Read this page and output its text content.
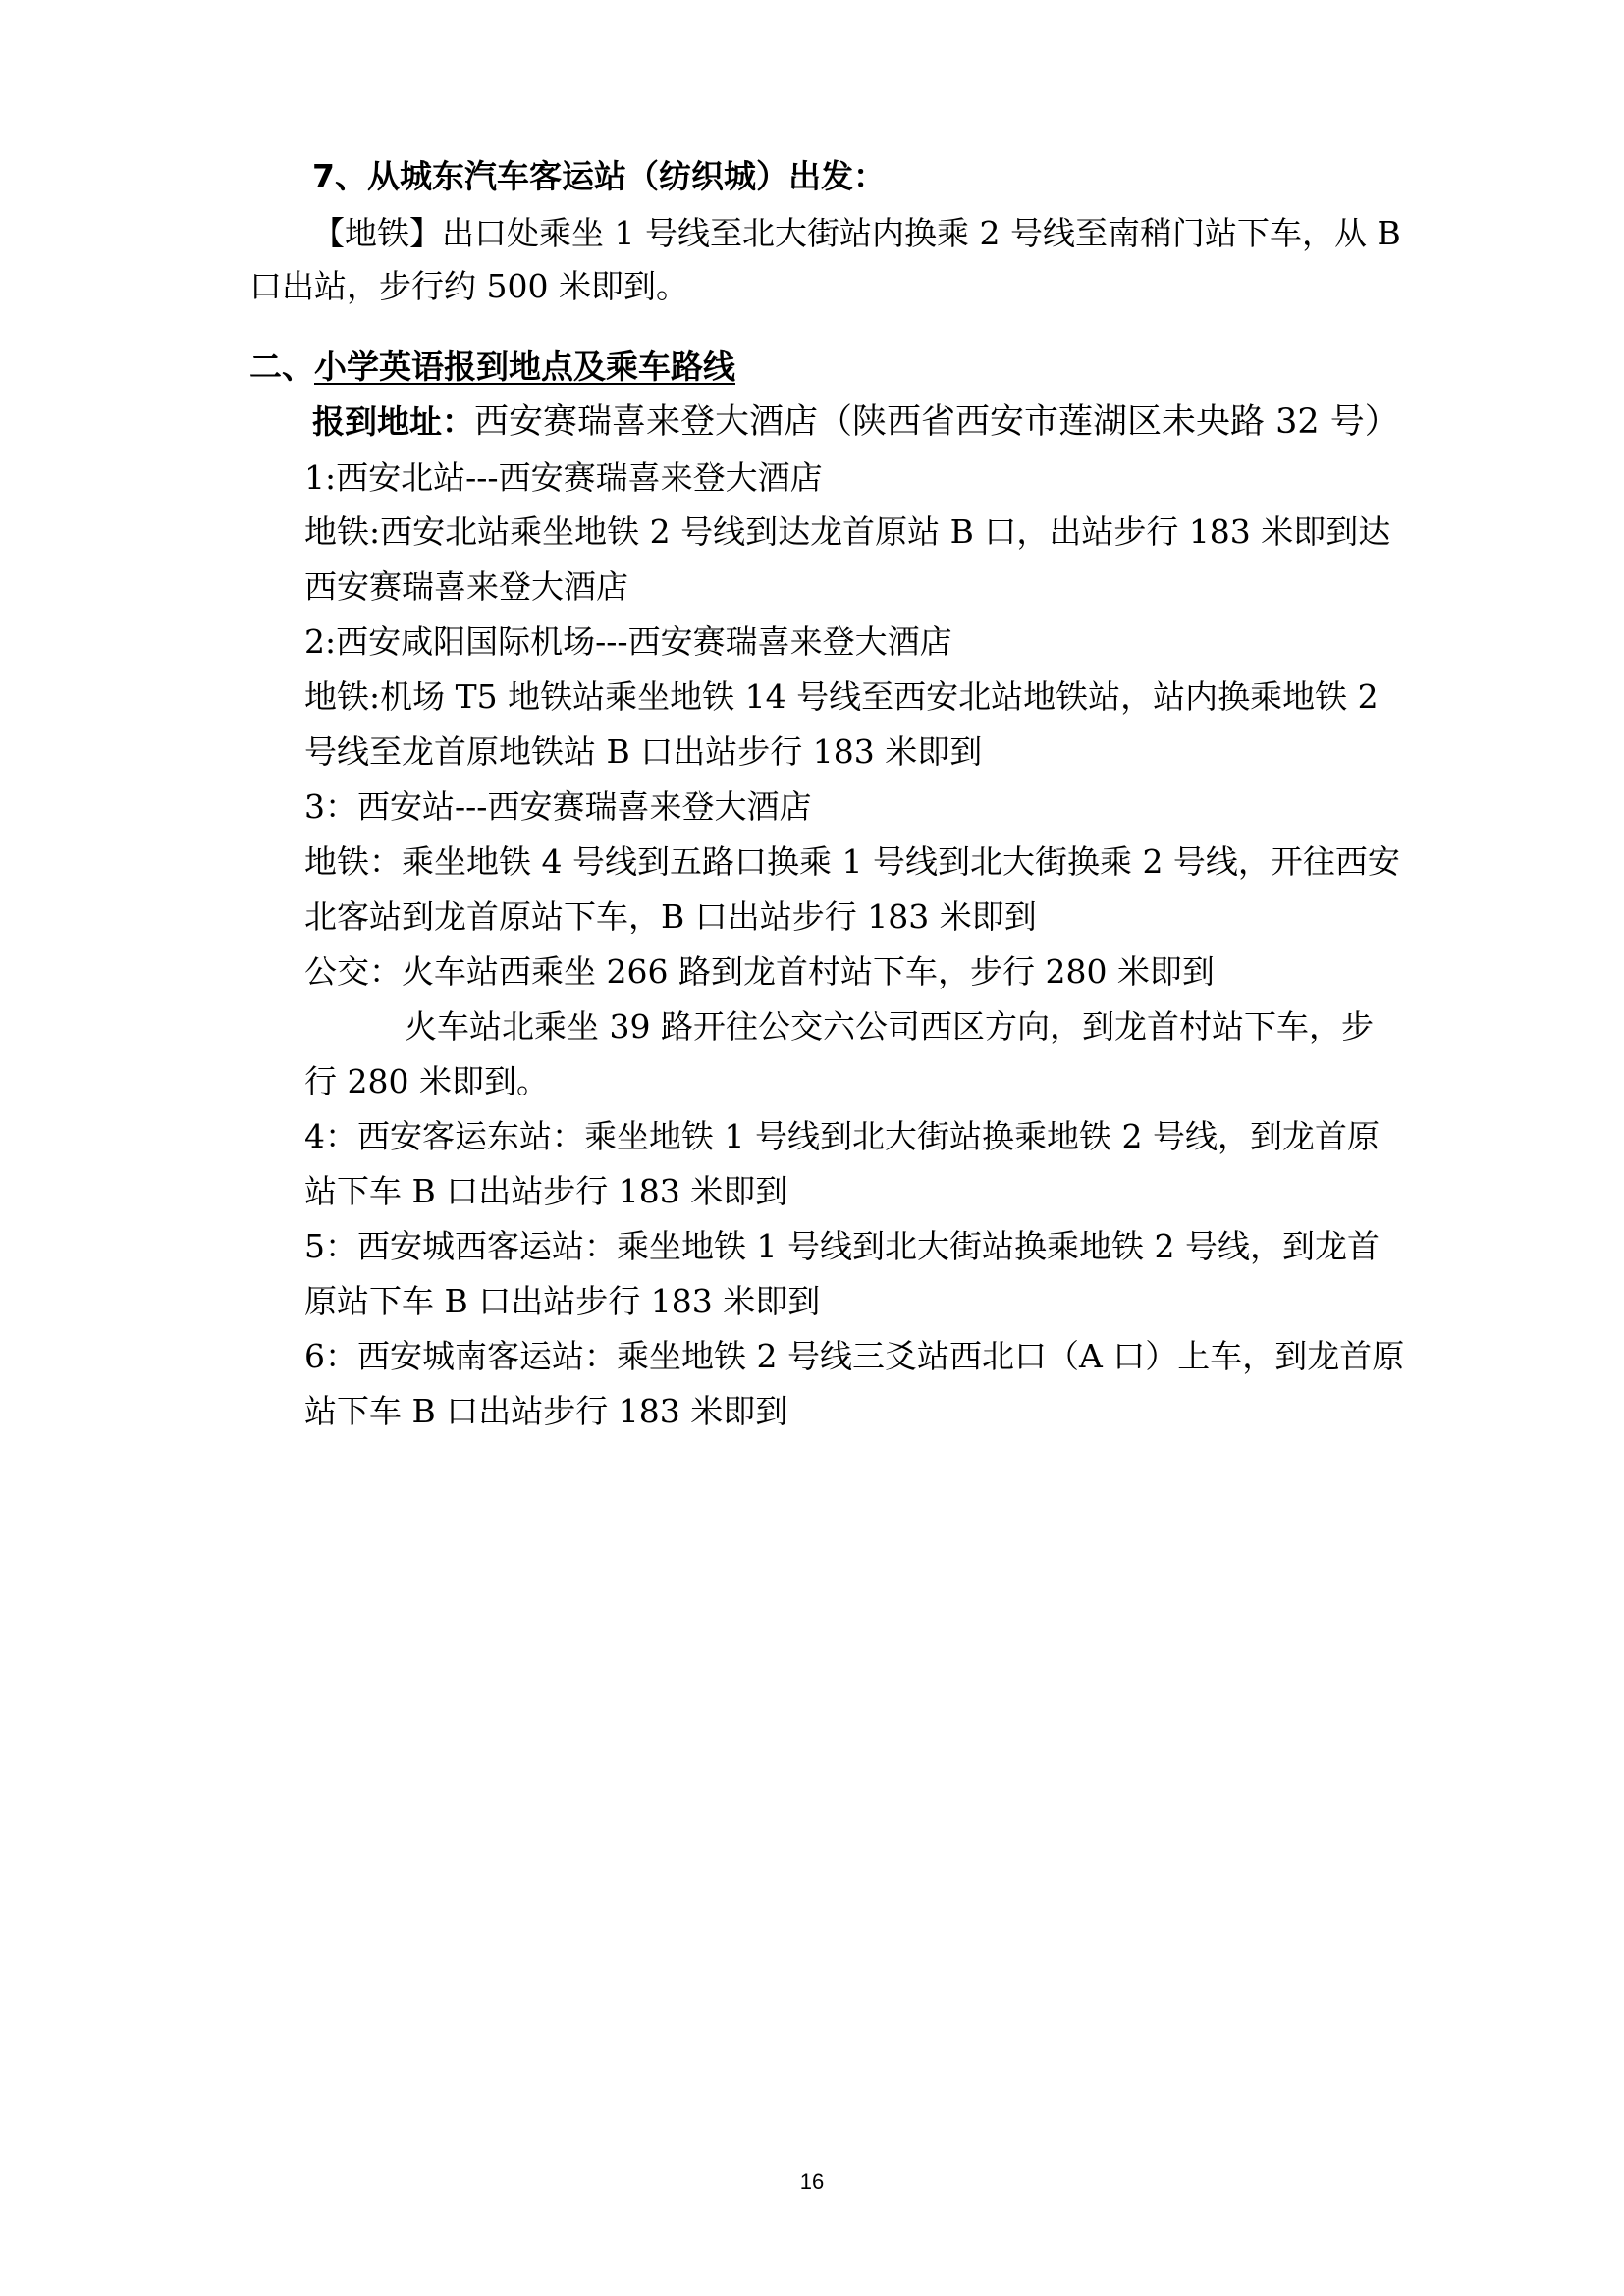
7、从城东汽车客运站（纺织城）出发：
【地铁】出口处乘坐 1 号线至北大街站内换乘 2 号线至南稍门站下车，从 B
口出站，步行约 500 米即到。
二、小学英语报到地点及乘车路线
报到地址：西安赛瑞喜来登大酒店（陕西省西安市莲湖区未央路 32 号）
1:西安北站---西安赛瑞喜来登大酒店
地铁:西安北站乘坐地铁 2 号线到达龙首原站 B 口，出站步行 183 米即到达
西安赛瑞喜来登大酒店
2:西安咸阳国际机场---西安赛瑞喜来登大酒店
地铁:机场 T5 地铁站乘坐地铁 14 号线至西安北站地铁站，站内换乘地铁 2
号线至龙首原地铁站 B 口出站步行 183 米即到
3：西安站---西安赛瑞喜来登大酒店
地铁：乘坐地铁 4 号线到五路口换乘 1 号线到北大街换乘 2 号线，开往西安
北客站到龙首原站下车，B 口出站步行 183 米即到
公交：火车站西乘坐 266 路到龙首村站下车，步行 280 米即到
火车站北乘坐 39 路开往公交六公司西区方向，到龙首村站下车，步
行 280 米即到。
4：西安客运东站：乘坐地铁 1 号线到北大街站换乘地铁 2 号线，到龙首原
站下车 B 口出站步行 183 米即到
5：西安城西客运站：乘坐地铁 1 号线到北大街站换乘地铁 2 号线，到龙首
原站下车 B 口出站步行 183 米即到
6：西安城南客运站：乘坐地铁 2 号线三爻站西北口（A 口）上车，到龙首原
站下车 B 口出站步行 183 米即到
16
